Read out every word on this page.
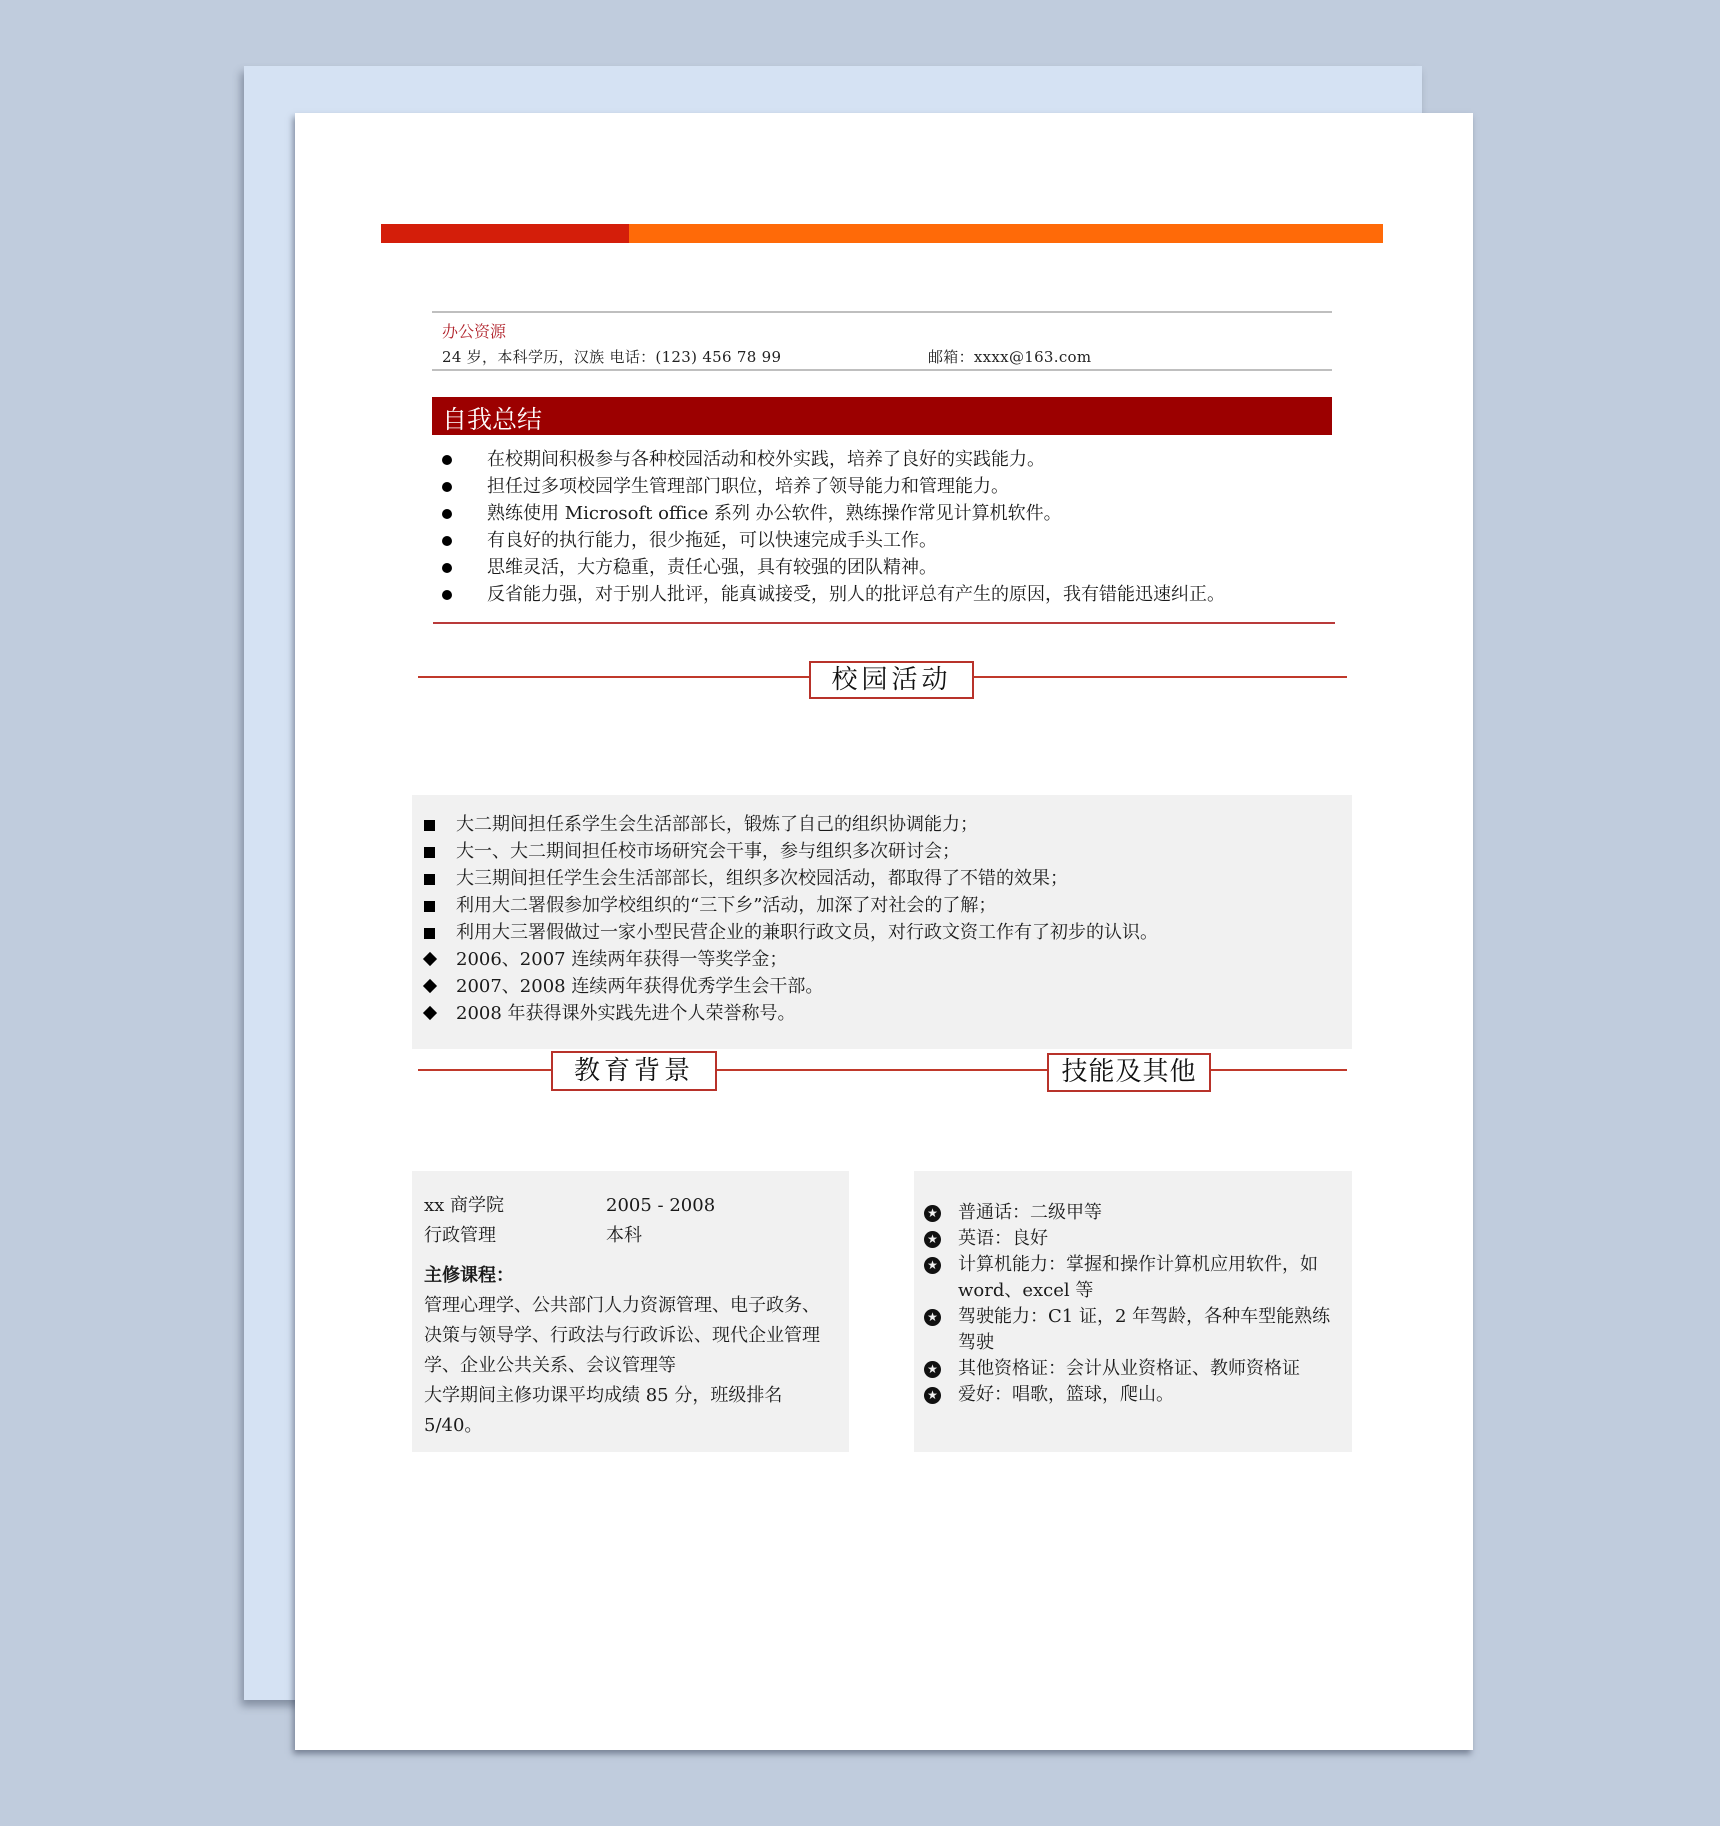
办公资源
24 岁，本科学历，汉族 电话：(123) 456 78 99	邮箱：xxxx@163.com
自我总结
在校期间积极参与各种校园活动和校外实践，培养了良好的实践能力。
担任过多项校园学生管理部门职位，培养了领导能力和管理能力。
熟练使用 Microsoft office 系列 办公软件，熟练操作常见计算机软件。
有良好的执行能力，很少拖延，可以快速完成手头工作。
思维灵活，大方稳重，责任心强，具有较强的团队精神。
反省能力强，对于别人批评，能真诚接受，别人的批评总有产生的原因，我有错能迅速纠正。
校园活动
大二期间担任系学生会生活部部长，锻炼了自己的组织协调能力；
大一、大二期间担任校市场研究会干事，参与组织多次研讨会；
大三期间担任学生会生活部部长，组织多次校园活动，都取得了不错的效果；
利用大二署假参加学校组织的“三下乡”活动，加深了对社会的了解；
利用大三署假做过一家小型民营企业的兼职行政文员，对行政文资工作有了初步的认识。
2006、2007 连续两年获得一等奖学金；
2007、2008 连续两年获得优秀学生会干部。
2008 年获得课外实践先进个人荣誉称号。
教育背景	技能及其他
xx 商学院	2005 - 2008
行政管理	本科
主修课程：
管理心理学、公共部门人力资源管理、电子政务、决策与领导学、行政法与行政诉讼、现代企业管理学、企业公共关系、会议管理等
大学期间主修功课平均成绩 85 分，班级排名 5/40。
★ 普通话：二级甲等
★ 英语：良好
★ 计算机能力：掌握和操作计算机应用软件，如 word、excel 等
★ 驾驶能力：C1 证，2 年驾龄，各种车型能熟练驾驶
★ 其他资格证：会计从业资格证、教师资格证
★ 爱好：唱歌，篮球，爬山。
